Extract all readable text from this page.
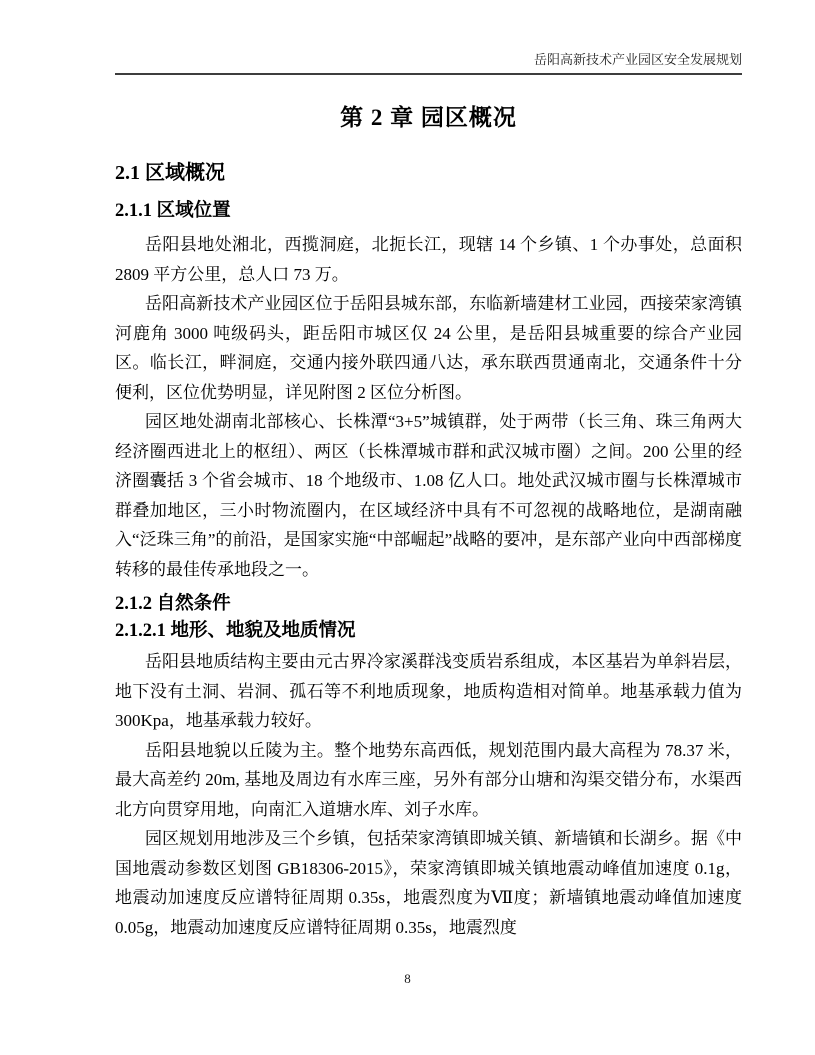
岳阳高新技术产业园区安全发展规划
第 2 章 园区概况
2.1 区域概况
2.1.1 区域位置

岳阳县地处湘北，西揽洞庭，北扼长江，现辖 14 个乡镇、1 个办事处，总面积 2809 平方公里，总人口 73 万。

岳阳高新技术产业园区位于岳阳县城东部，东临新墙建材工业园，西接荣家湾镇河鹿角 3000 吨级码头，距岳阳市城区仅 24 公里，是岳阳县城重要的综合产业园区。临长江，畔洞庭，交通内接外联四通八达，承东联西贯通南北，交通条件十分便利，区位优势明显，详见附图 2 区位分析图。

园区地处湖南北部核心、长株潭“3+5”城镇群，处于两带（长三角、珠三角两大经济圈西进北上的枢纽）、两区（长株潭城市群和武汉城市圈）之间。200 公里的经济圈囊括 3 个省会城市、18 个地级市、1.08 亿人口。地处武汉城市圈与长株潭城市群叠加地区，三小时物流圈内，在区域经济中具有不可忽视的战略地位，是湖南融入“泛珠三角”的前沿，是国家实施“中部崛起”战略的要冲，是东部产业向中西部梯度转移的最佳传承地段之一。

2.1.2 自然条件
2.1.2.1 地形、地貌及地质情况

岳阳县地质结构主要由元古界冷家溪群浅变质岩系组成，本区基岩为单斜岩层，地下没有土洞、岩洞、孤石等不利地质现象，地质构造相对简单。地基承载力值为 300Kpa，地基承载力较好。

岳阳县地貌以丘陵为主。整个地势东高西低，规划范围内最大高程为 78.37 米，最大高差约 20m, 基地及周边有水库三座，另外有部分山塘和沟渠交错分布，水渠西北方向贯穿用地，向南汇入道塘水库、刘子水库。

园区规划用地涉及三个乡镇，包括荣家湾镇即城关镇、新墙镇和长湖乡。据《中国地震动参数区划图 GB18306-2015》，荣家湾镇即城关镇地震动峰值加速度 0.1g，地震动加速度反应谱特征周期 0.35s，地震烈度为Ⅶ度；新墙镇地震动峰值加速度 0.05g，地震动加速度反应谱特征周期 0.35s，地震烈度

8
